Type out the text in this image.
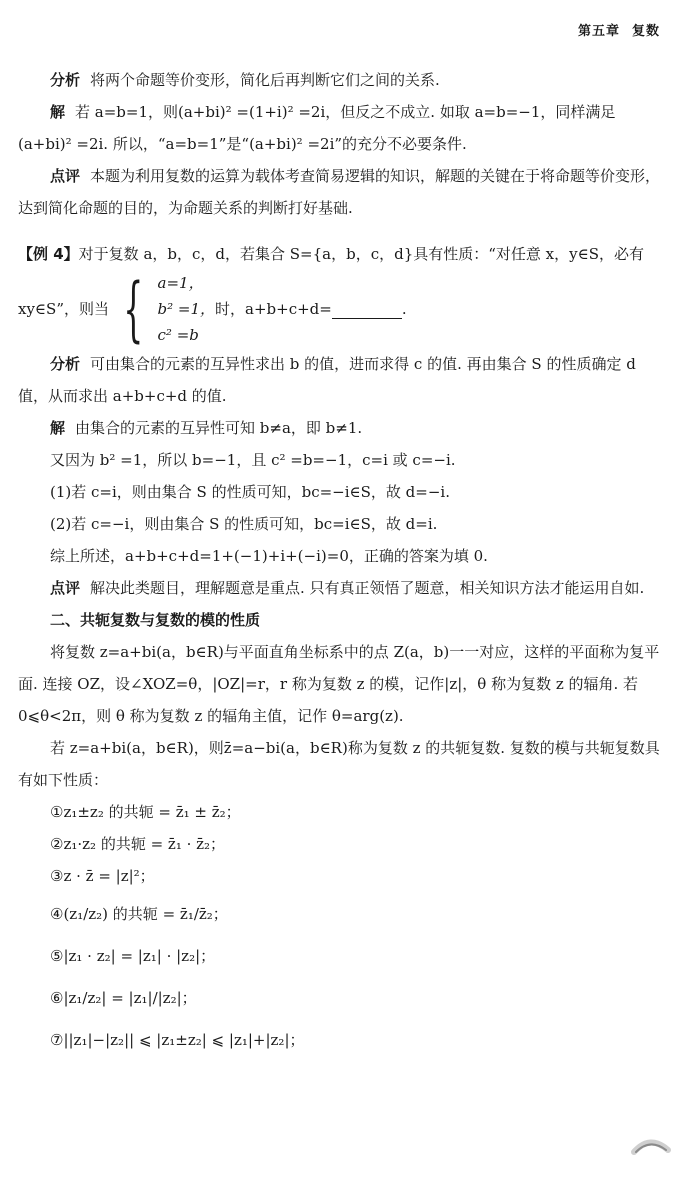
第五章 复数

分析 将两个命题等价变形，简化后再判断它们之间的关系.

解 若 a=b=1，则(a+bi)² =(1+i)² =2i，但反之不成立. 如取 a=b=−1，同样满足(a+bi)² =2i. 所以，“a=b=1”是“(a+bi)² =2i”的充分不必要条件.

点评 本题为利用复数的运算为载体考查简易逻辑的知识，解题的关键在于将命题等价变形，达到简化命题的目的，为命题关系的判断打好基础.

【例 4】对于复数 a，b，c，d，若集合 S={a，b，c，d}具有性质：“对任意 x，y∈S，必有

xy∈S”，则当 { a=1，
b² =1，
c² =b
时，a+b+c+d=	.

分析 可由集合的元素的互异性求出 b 的值，进而求得 c 的值. 再由集合 S 的性质确定 d 值，从而求出 a+b+c+d 的值.

解 由集合的元素的互异性可知 b≠a，即 b≠1.

又因为 b² =1，所以 b=−1，且 c² =b=−1，c=i 或 c=−i.

(1)若 c=i，则由集合 S 的性质可知，bc=−i∈S，故 d=−i.

(2)若 c=−i，则由集合 S 的性质可知，bc=i∈S，故 d=i.

综上所述，a+b+c+d=1+(−1)+i+(−i)=0，正确的答案为填 0.

点评 解决此类题目，理解题意是重点. 只有真正领悟了题意，相关知识方法才能运用自如.

二、共轭复数与复数的模的性质

将复数 z=a+bi(a，b∈R)与平面直角坐标系中的点 Z(a，b)一一对应，这样的平面称为复平面. 连接 OZ，设∠XOZ=θ，|OZ|=r，r 称为复数 z 的模，记作|z|，θ 称为复数 z 的辐角. 若 0⩽θ<2π，则 θ 称为复数 z 的辐角主值，记作 θ=arg(z).

若 z=a+bi(a，b∈R)，则z̄=a−bi(a，b∈R)称为复数 z 的共轭复数. 复数的模与共轭复数具有如下性质：

①z₁±z₂ 的共轭 = z̄₁ ± z̄₂；

②z₁·z₂ 的共轭 = z̄₁ · z̄₂；

③z · z̄ = |z|²；

④(z₁/z₂) 的共轭 = z̄₁/z̄₂；

⑤|z₁ · z₂| = |z₁| · |z₂|；

⑥|z₁/z₂| = |z₁|/|z₂|；

⑦||z₁|−|z₂|| ⩽ |z₁±z₂| ⩽ |z₁|+|z₂|；
